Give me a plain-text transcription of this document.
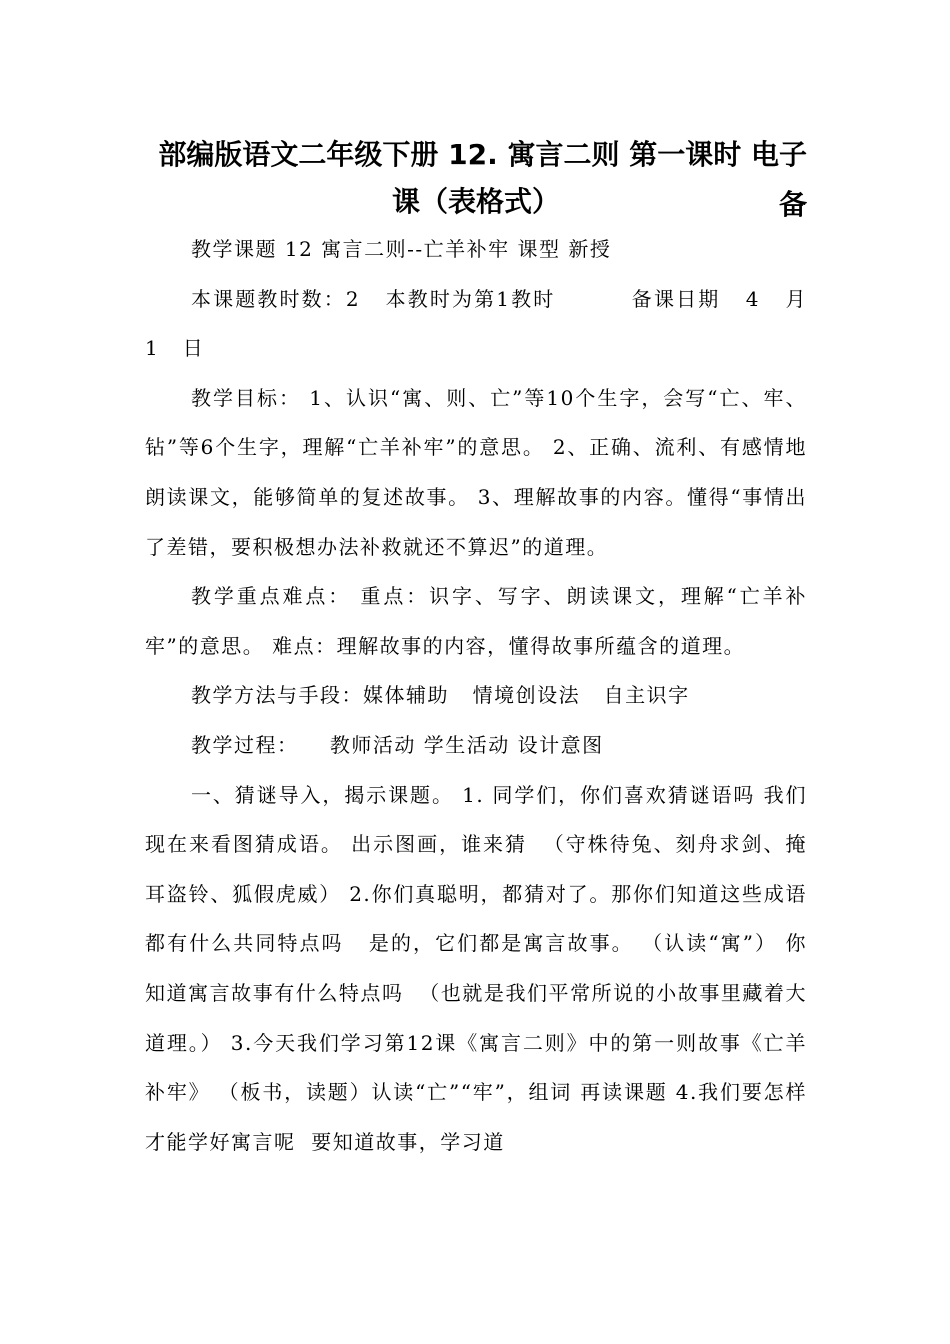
部编版语文二年级下册 12. 寓言二则 第一课时 电子备
课（表格式）

教学课题 12 寓言二则--亡羊补牢 课型 新授

本课题教时数：2   本教时为第1教时         备课日期   4   月   1   日

教学目标： 1、认识“寓、则、亡”等10个生字，会写“亡、牢、钻”等6个生字，理解“亡羊补牢”的意思。 2、正确、流利、有感情地朗读课文，能够简单的复述故事。 3、理解故事的内容。懂得“事情出了差错，要积极想办法补救就还不算迟”的道理。

教学重点难点： 重点：识字、写字、朗读课文，理解“亡羊补牢”的意思。 难点：理解故事的内容，懂得故事所蕴含的道理。

教学方法与手段：媒体辅助   情境创设法   自主识字

教学过程：    教师活动 学生活动 设计意图

一、猜谜导入，揭示课题。 1. 同学们，你们喜欢猜谜语吗 我们现在来看图猜成语。 出示图画，谁来猜  （守株待兔、刻舟求剑、掩耳盗铃、狐假虎威） 2.你们真聪明，都猜对了。那你们知道这些成语都有什么共同特点吗   是的，它们都是寓言故事。 （认读“寓”） 你知道寓言故事有什么特点吗  （也就是我们平常所说的小故事里藏着大道理。） 3.今天我们学习第12课《寓言二则》中的第一则故事《亡羊补牢》 （板书，读题）认读“亡”“牢”，组词 再读课题 4.我们要怎样才能学好寓言呢  要知道故事，学习道
